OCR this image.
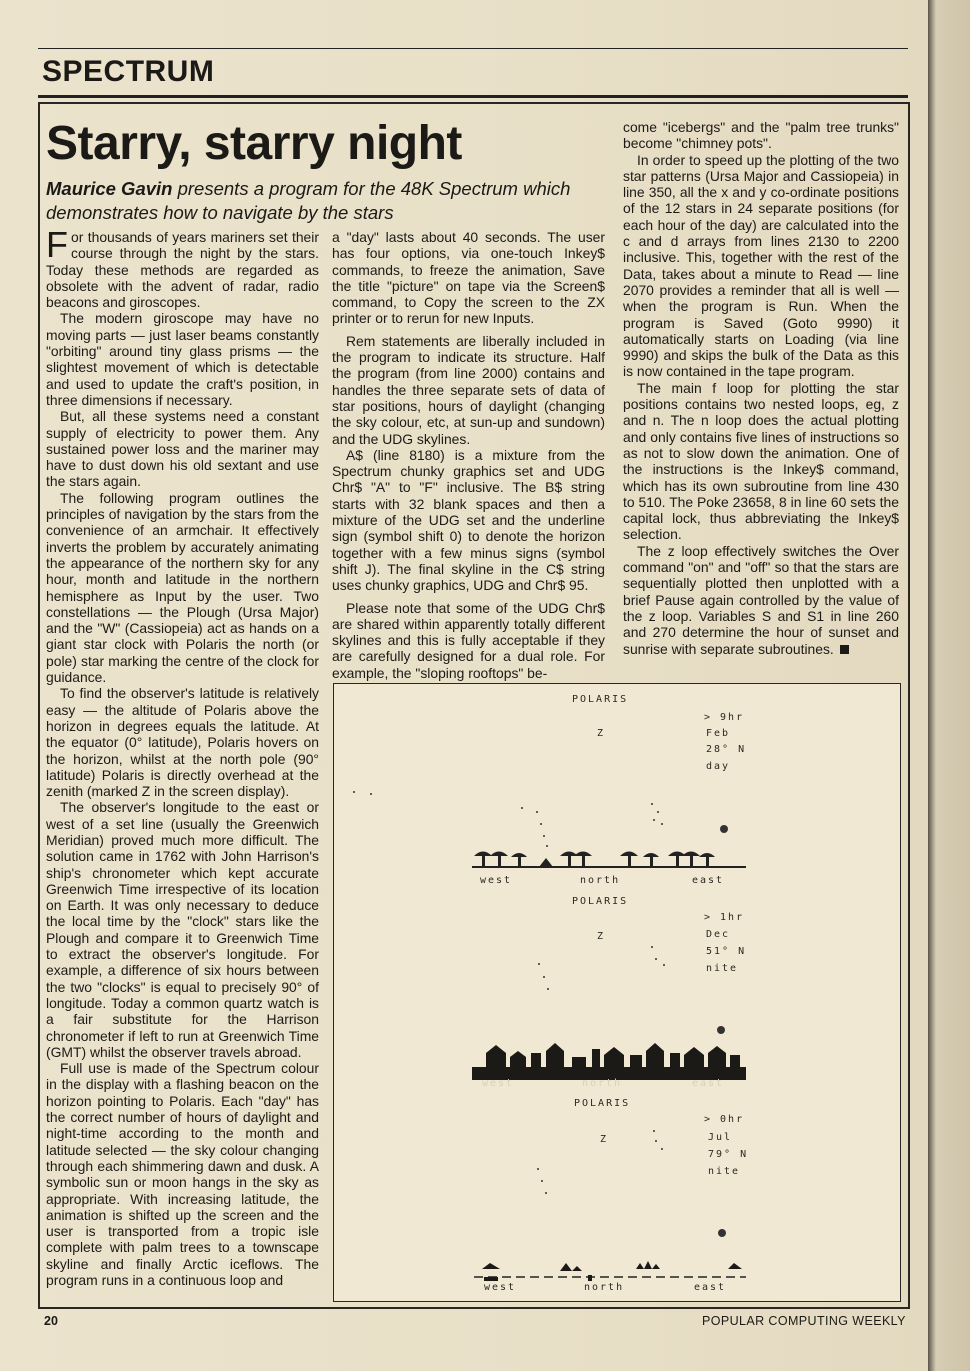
SPECTRUM
Starry, starry night

Maurice Gavin presents a program for the 48K Spectrum which demonstrates how to navigate by the stars

For thousands of years mariners set their course through the night by the stars. Today these methods are regarded as obsolete with the advent of radar, radio beacons and giroscopes.

The modern giroscope may have no moving parts — just laser beams constantly "orbiting" around tiny glass prisms — the slightest movement of which is detectable and used to update the craft's position, in three dimensions if necessary.

But, all these systems need a constant supply of electricity to power them. Any sustained power loss and the mariner may have to dust down his old sextant and use the stars again.

The following program outlines the principles of navigation by the stars from the convenience of an armchair. It effectively inverts the problem by accurately animating the appearance of the northern sky for any hour, month and latitude in the northern hemisphere as Input by the user. Two constellations — the Plough (Ursa Major) and the "W" (Cassiopeia) act as hands on a giant star clock with Polaris the north (or pole) star marking the centre of the clock for guidance.

To find the observer's latitude is relatively easy — the altitude of Polaris above the horizon in degrees equals the latitude. At the equator (0° latitude), Polaris hovers on the horizon, whilst at the north pole (90° latitude) Polaris is directly overhead at the zenith (marked Z in the screen display).

The observer's longitude to the east or west of a set line (usually the Greenwich Meridian) proved much more difficult. The solution came in 1762 with John Harrison's ship's chronometer which kept accurate Greenwich Time irrespective of its location on Earth. It was only necessary to deduce the local time by the "clock" stars like the Plough and compare it to Greenwich Time to extract the observer's longitude. For example, a difference of six hours between the two "clocks" is equal to precisely 90° of longitude. Today a common quartz watch is a fair substitute for the Harrison chronometer if left to run at Greenwich Time (GMT) whilst the observer travels abroad.

Full use is made of the Spectrum colour in the display with a flashing beacon on the horizon pointing to Polaris. Each "day" has the correct number of hours of daylight and night-time according to the month and latitude selected — the sky colour changing through each shimmering dawn and dusk. A symbolic sun or moon hangs in the sky as appropriate. With increasing latitude, the animation is shifted up the screen and the user is transported from a tropic isle complete with palm trees to a townscape skyline and finally Arctic iceflows. The program runs in a continuous loop and

a "day" lasts about 40 seconds. The user has four options, via one-touch Inkey$ commands, to freeze the animation, Save the title "picture" on tape via the Screen$ command, to Copy the screen to the ZX printer or to rerun for new Inputs.

Rem statements are liberally included in the program to indicate its structure. Half the program (from line 2000) contains and handles the three separate sets of data of star positions, hours of daylight (changing the sky colour, etc, at sun-up and sundown) and the UDG skylines.

A$ (line 8180) is a mixture from the Spectrum chunky graphics set and UDG Chr$ "A" to "F" inclusive. The B$ string starts with 32 blank spaces and then a mixture of the UDG set and the underline sign (symbol shift 0) to denote the horizon together with a few minus signs (symbol shift J). The final skyline in the C$ string uses chunky graphics, UDG and Chr$ 95.

Please note that some of the UDG Chr$ are shared within apparently totally different skylines and this is fully acceptable if they are carefully designed for a dual role. For example, the "sloping rooftops" be-

come "icebergs" and the "palm tree trunks" become "chimney pots".

In order to speed up the plotting of the two star patterns (Ursa Major and Cassiopeia) in line 350, all the x and y co-ordinate positions of the 12 stars in 24 separate positions (for each hour of the day) are calculated into the c and d arrays from lines 2130 to 2200 inclusive. This, together with the rest of the Data, takes about a minute to Read — line 2070 provides a reminder that all is well — when the program is Run. When the program is Saved (Goto 9990) it automatically starts on Loading (via line 9990) and skips the bulk of the Data as this is now contained in the tape program.

The main f loop for plotting the star positions contains two nested loops, eg, z and n. The n loop does the actual plotting and only contains five lines of instructions so as not to slow down the animation. One of the instructions is the Inkey$ command, which has its own subroutine from line 430 to 510. The Poke 23658, 8 in line 60 sets the capital lock, thus abbreviating the Inkey$ selection.

The z loop effectively switches the Over command "on" and "off" so that the stars are sequentially plotted then unplotted with a brief Pause again controlled by the value of the z loop. Variables S and S1 in line 260 and 270 determine the hour of sunset and sunrise with separate subroutines.

POLARIS
Z
> 9hr
Feb
28° N
day
west	north	east
POLARIS
Z
> 1hr
Dec
51° N
nite
west	north	east
POLARIS
Z
> 0hr
Jul
79° N
nite
west	north	east
20	POPULAR COMPUTING WEEKLY
